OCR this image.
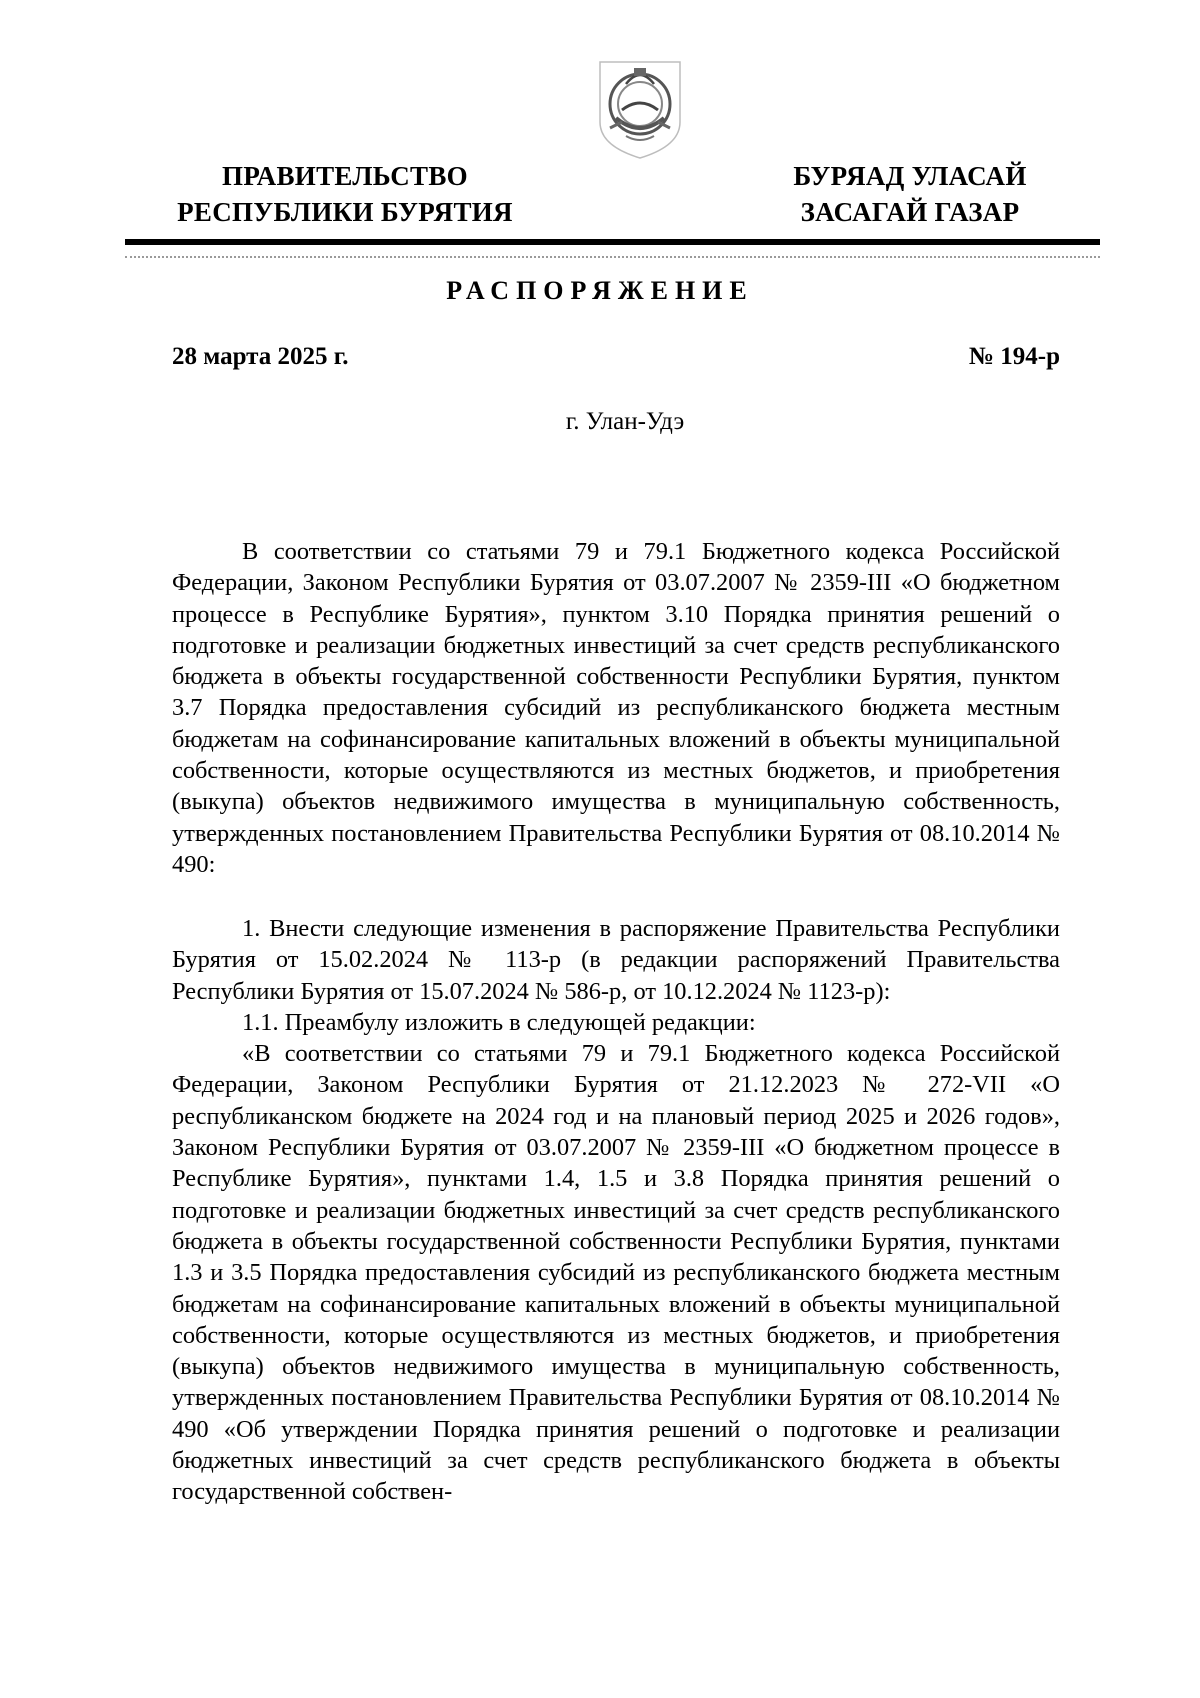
ПРАВИТЕЛЬСТВО
РЕСПУБЛИКИ БУРЯТИЯ
БУРЯАД УЛАСАЙ
ЗАСАГАЙ ГАЗАР
РАСПОРЯЖЕНИЕ
28 марта 2025 г.	№ 194-р
г. Улан-Удэ

В соответствии со статьями 79 и 79.1 Бюджетного кодекса Российской Федерации, Законом Республики Бурятия от 03.07.2007 № 2359-III «О бюджетном процессе в Республике Бурятия», пунктом 3.10 Порядка принятия решений о подготовке и реализации бюджетных инвестиций за счет средств республиканского бюджета в объекты государственной собственности Республики Бурятия, пунктом 3.7 Порядка предоставления субсидий из республиканского бюджета местным бюджетам на софинансирование капитальных вложений в объекты муниципальной собственности, которые осуществляются из местных бюджетов, и приобретения (выкупа) объектов недвижимого имущества в муниципальную собственность, утвержденных постановлением Правительства Республики Бурятия от 08.10.2014 № 490:

1. Внести следующие изменения в распоряжение Правительства Республики Бурятия от 15.02.2024 № 113-р (в редакции распоряжений Правительства Республики Бурятия от 15.07.2024 № 586-р, от 10.12.2024 № 1123-р):

1.1. Преамбулу изложить в следующей редакции:

«В соответствии со статьями 79 и 79.1 Бюджетного кодекса Российской Федерации, Законом Республики Бурятия от 21.12.2023 № 272-VII «О республиканском бюджете на 2024 год и на плановый период 2025 и 2026 годов», Законом Республики Бурятия от 03.07.2007 № 2359-III «О бюджетном процессе в Республике Бурятия», пунктами 1.4, 1.5 и 3.8 Порядка принятия решений о подготовке и реализации бюджетных инвестиций за счет средств республиканского бюджета в объекты государственной собственности Республики Бурятия, пунктами 1.3 и 3.5 Порядка предоставления субсидий из республиканского бюджета местным бюджетам на софинансирование капитальных вложений в объекты муниципальной собственности, которые осуществляются из местных бюджетов, и приобретения (выкупа) объектов недвижимого имущества в муниципальную собственность, утвержденных постановлением Правительства Республики Бурятия от 08.10.2014 № 490 «Об утверждении Порядка принятия решений о подготовке и реализации бюджетных инвестиций за счет средств республиканского бюджета в объекты государственной собствен-
